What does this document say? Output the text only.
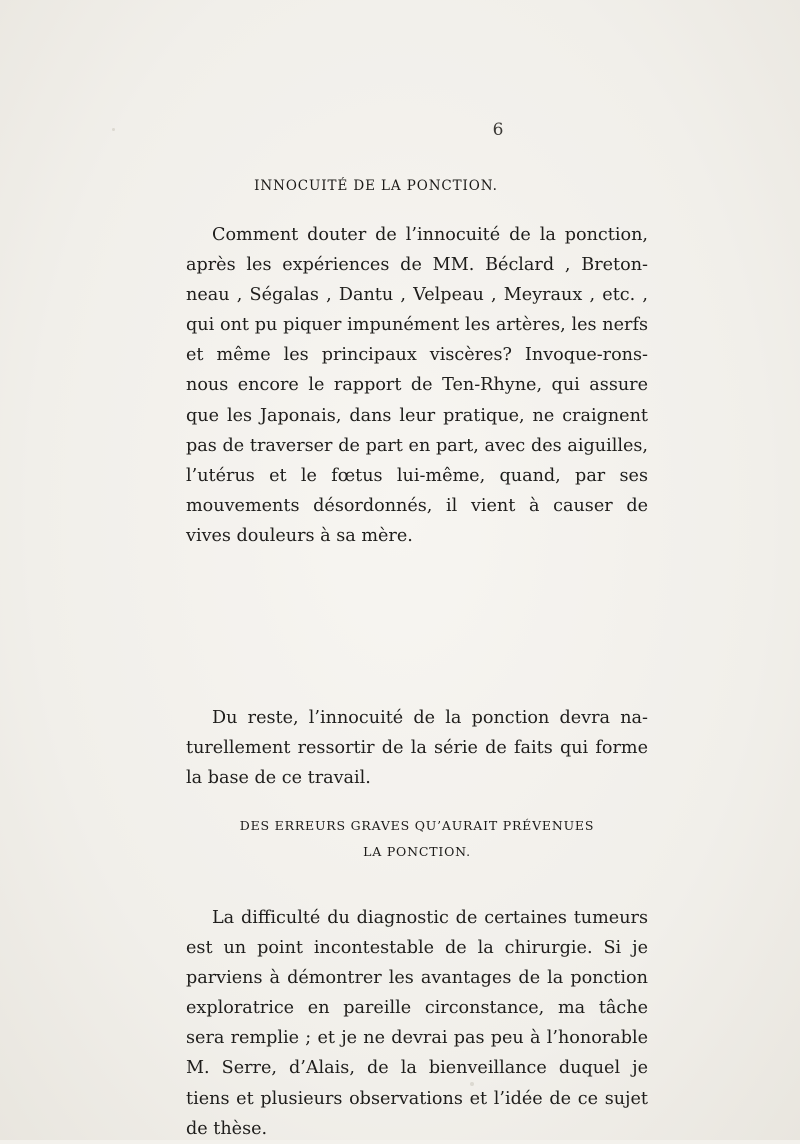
6
INNOCUITÉ DE LA PONCTION.

Comment douter de l’innocuité de la ponction, après les expériences de MM. Béclard , Breton-neau , Ségalas , Dantu , Velpeau , Meyraux , etc. , qui ont pu piquer impunément les artères, les nerfs et même les principaux viscères? Invoque-rons-nous encore le rapport de Ten-Rhyne, qui assure que les Japonais, dans leur pratique, ne craignent pas de traverser de part en part, avec des aiguilles, l’utérus et le fœtus lui-même, quand, par ses mouvements désordonnés, il vient à causer de vives douleurs à sa mère.

Du reste, l’innocuité de la ponction devra na-turellement ressortir de la série de faits qui forme la base de ce travail.

DES ERREURS GRAVES QU’AURAIT PRÉVENUES
LA PONCTION.

La difficulté du diagnostic de certaines tumeurs est un point incontestable de la chirurgie. Si je parviens à démontrer les avantages de la ponction exploratrice en pareille circonstance, ma tâche sera remplie ; et je ne devrai pas peu à l’honorable M. Serre, d’Alais, de la bienveillance duquel je tiens et plusieurs observations et l’idée de ce sujet de thèse.
